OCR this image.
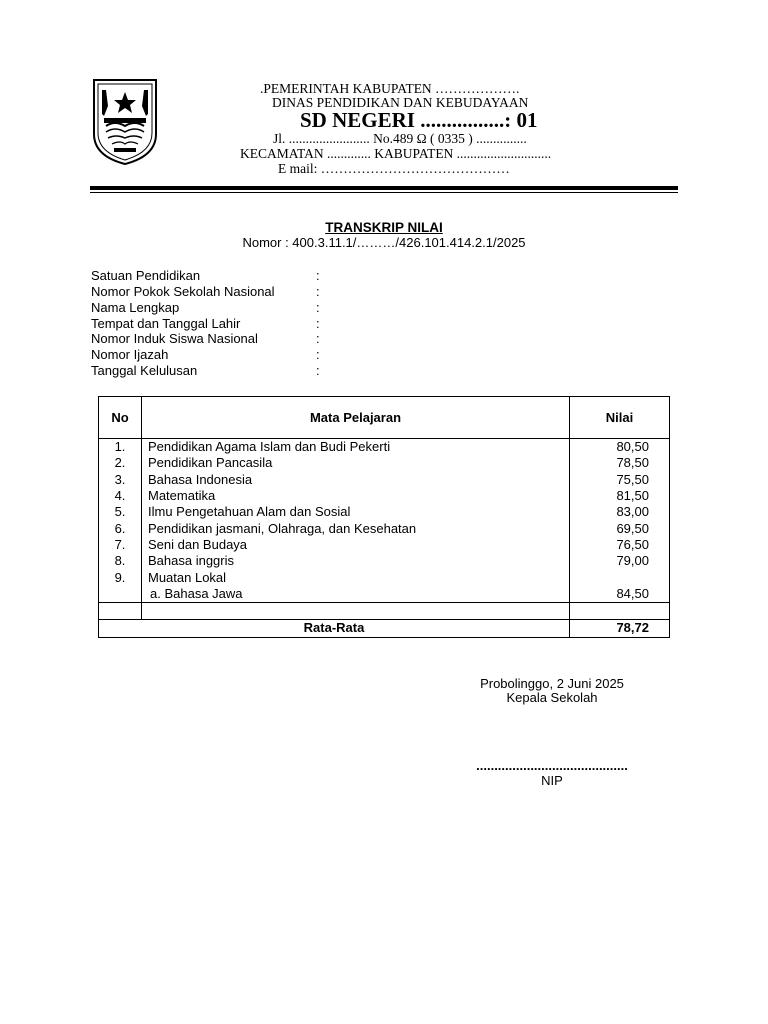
.PEMERINTAH KABUPATEN ……………….
DINAS PENDIDIKAN DAN KEBUDAYAAN
SD NEGERI ................: 01
Jl. ........................ No.489 Ω ( 0335 ) ...............
KECAMATAN ............. KABUPATEN ............................
E mail: ……………………………………
TRANSKRIP NILAI
Nomor : 400.3.11.1/………/426.101.414.2.1/2025
Satuan Pendidikan	:
Nomor Pokok Sekolah Nasional	:
Nama Lengkap	:
Tempat dan Tanggal Lahir	:
Nomor Induk Siswa Nasional	:
Nomor Ijazah	:
Tanggal Kelulusan	:
No	Mata Pelajaran	Nilai
1.	Pendidikan Agama Islam dan Budi Pekerti	80,50
2.	Pendidikan Pancasila	78,50
3.	Bahasa Indonesia	75,50
4.	Matematika	81,50
5.	Ilmu Pengetahuan Alam dan Sosial	83,00
6.	Pendidikan jasmani, Olahraga, dan Kesehatan	69,50
7.	Seni dan Budaya	76,50
8.	Bahasa inggris	79,00
9.	Muatan Lokal	
	a. Bahasa Jawa	84,50

Rata-Rata		78,72
Probolinggo, 2 Juni 2025
Kepala Sekolah
..........................................
NIP
